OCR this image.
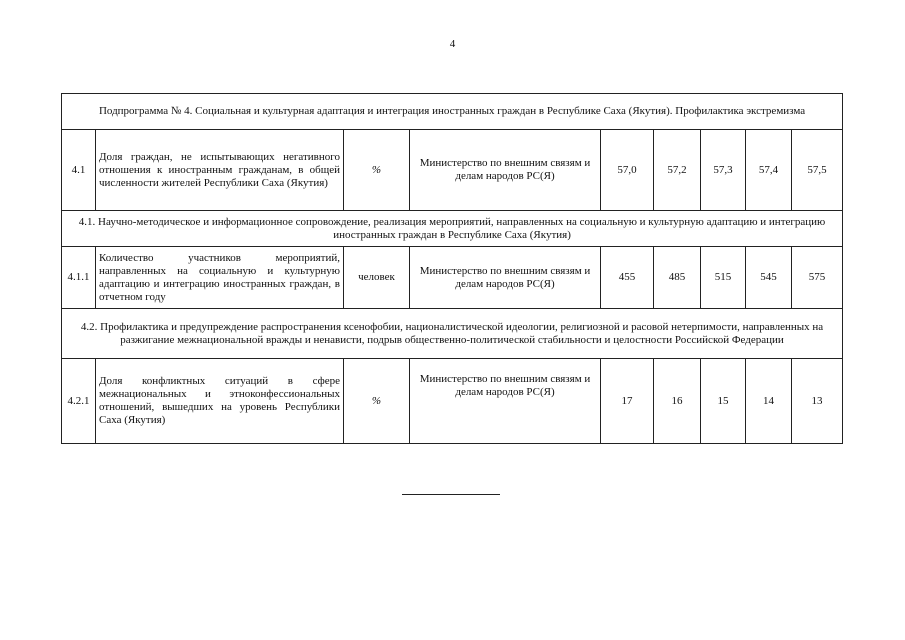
4
Подпрограмма № 4. Социальная и культурная адаптация и интеграция иностранных граждан в Республике Саха (Якутия). Профилактика экстремизма								
4.1	Доля граждан, не испытывающих негативного отношения к иностранным гражданам, в общей численности жителей Республики Саха (Якутия)	%	Министерство по внешним связям и делам народов РС(Я)	57,0	57,2	57,3	57,4	57,5
4.1. Научно-методическое и информационное сопровождение, реализация мероприятий, направленных на социальную и культурную адаптацию и интеграцию иностранных граждан в Республике Саха (Якутия)								
4.1.1	Количество участников мероприятий, направленных на социальную и культурную адаптацию и интеграцию иностранных граждан, в отчетном году	человек	Министерство по внешним связям и делам народов РС(Я)	455	485	515	545	575
4.2. Профилактика и предупреждение распространения ксенофобии, националистической идеологии, религиозной и расовой нетерпимости, направленных на разжигание межнациональной вражды и ненависти, подрыв общественно-политической стабильности и целостности Российской Федерации								
4.2.1	Доля конфликтных ситуаций в сфере межнациональных и этноконфессиональных отношений, вышедших на уровень Республики Саха (Якутия)	%	Министерство по внешним связям и делам народов РС(Я)	17	16	15	14	13
